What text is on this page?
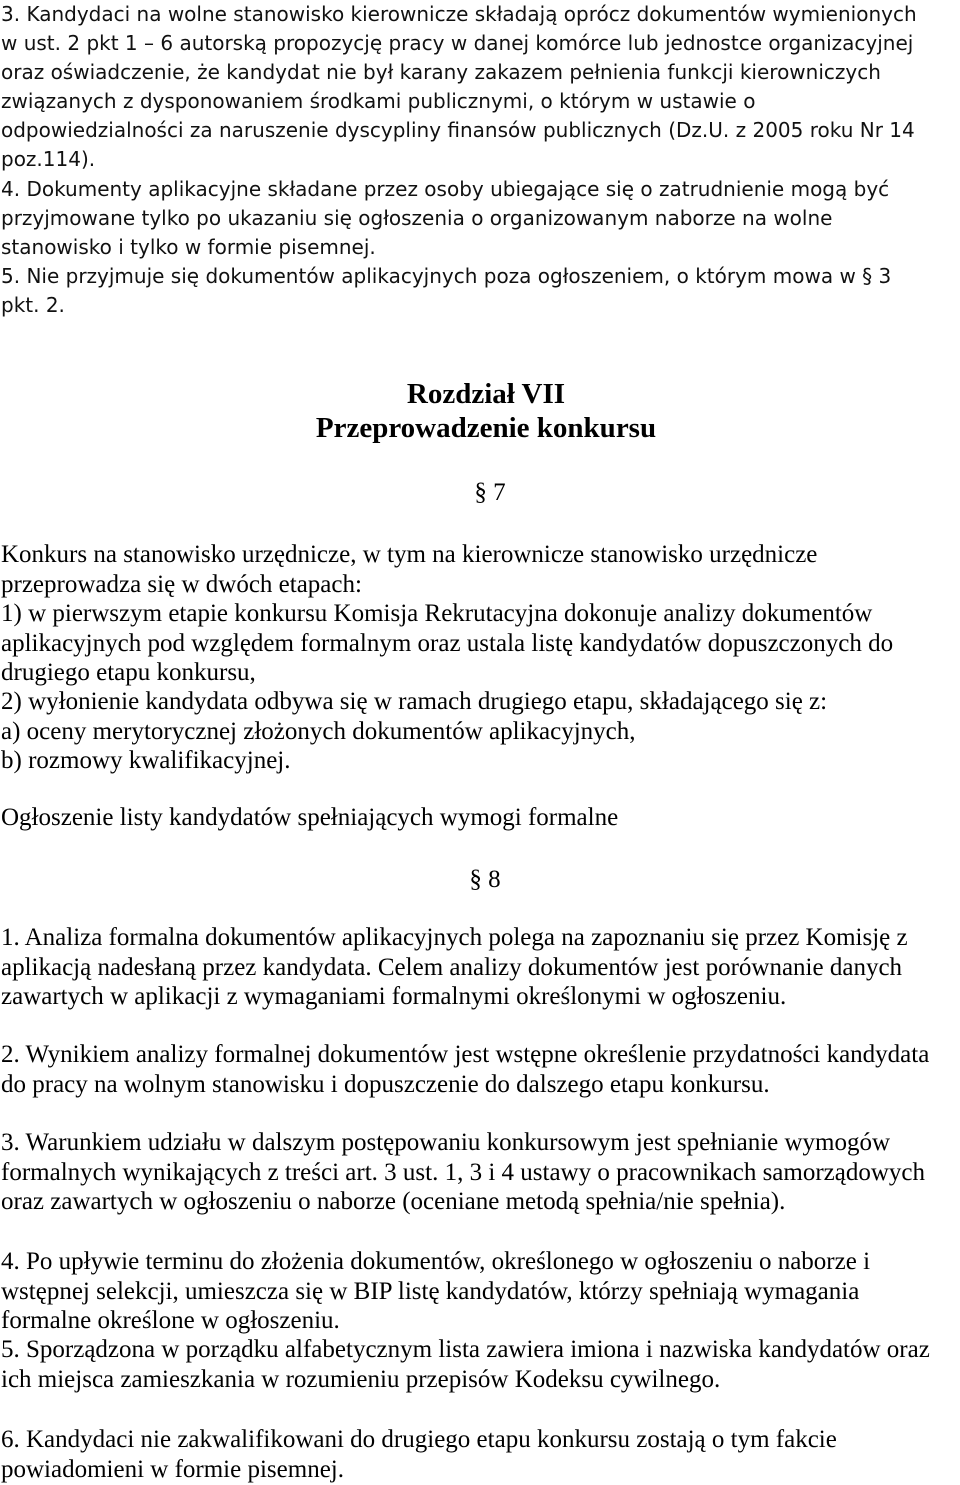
3. Kandydaci na wolne stanowisko kierownicze składają oprócz dokumentów wymienionych
w ust. 2 pkt 1 – 6 autorską propozycję pracy w danej komórce lub jednostce organizacyjnej
oraz oświadczenie, że kandydat nie był karany zakazem pełnienia funkcji kierowniczych
związanych z dysponowaniem środkami publicznymi, o którym w ustawie o
odpowiedzialności za naruszenie dyscypliny finansów publicznych (Dz.U. z 2005 roku Nr 14
poz.114).
4. Dokumenty aplikacyjne składane przez osoby ubiegające się o zatrudnienie mogą być
przyjmowane tylko po ukazaniu się ogłoszenia o organizowanym naborze na wolne
stanowisko i tylko w formie pisemnej.
5. Nie przyjmuje się dokumentów aplikacyjnych poza ogłoszeniem, o którym mowa w § 3
pkt. 2.
Rozdział VII
Przeprowadzenie konkursu
§ 7
Konkurs na stanowisko urzędnicze, w tym na kierownicze stanowisko urzędnicze
przeprowadza się w dwóch etapach:
1) w pierwszym etapie konkursu Komisja Rekrutacyjna dokonuje analizy dokumentów
aplikacyjnych pod względem formalnym oraz ustala listę kandydatów dopuszczonych do
drugiego etapu konkursu,
2) wyłonienie kandydata odbywa się w ramach drugiego etapu, składającego się z:
a) oceny merytorycznej złożonych dokumentów aplikacyjnych,
b) rozmowy kwalifikacyjnej.
Ogłoszenie listy kandydatów spełniających wymogi formalne
§ 8
1. Analiza formalna dokumentów aplikacyjnych polega na zapoznaniu się przez Komisję z
aplikacją nadesłaną przez kandydata. Celem analizy dokumentów jest porównanie danych
zawartych w aplikacji z wymaganiami formalnymi określonymi w ogłoszeniu.
2. Wynikiem analizy formalnej dokumentów jest wstępne określenie przydatności kandydata
do pracy na wolnym stanowisku i dopuszczenie do dalszego etapu konkursu.
3. Warunkiem udziału w dalszym postępowaniu konkursowym jest spełnianie wymogów
formalnych wynikających z treści art. 3 ust. 1, 3 i 4 ustawy o pracownikach samorządowych
oraz zawartych w ogłoszeniu o naborze (oceniane metodą spełnia/nie spełnia).
4. Po upływie terminu do złożenia dokumentów, określonego w ogłoszeniu o naborze i
wstępnej selekcji, umieszcza się w BIP listę kandydatów, którzy spełniają wymagania
formalne określone w ogłoszeniu.
5. Sporządzona w porządku alfabetycznym lista zawiera imiona i nazwiska kandydatów oraz
ich miejsca zamieszkania w rozumieniu przepisów Kodeksu cywilnego.
6. Kandydaci nie zakwalifikowani do drugiego etapu konkursu zostają o tym fakcie
powiadomieni w formie pisemnej.
